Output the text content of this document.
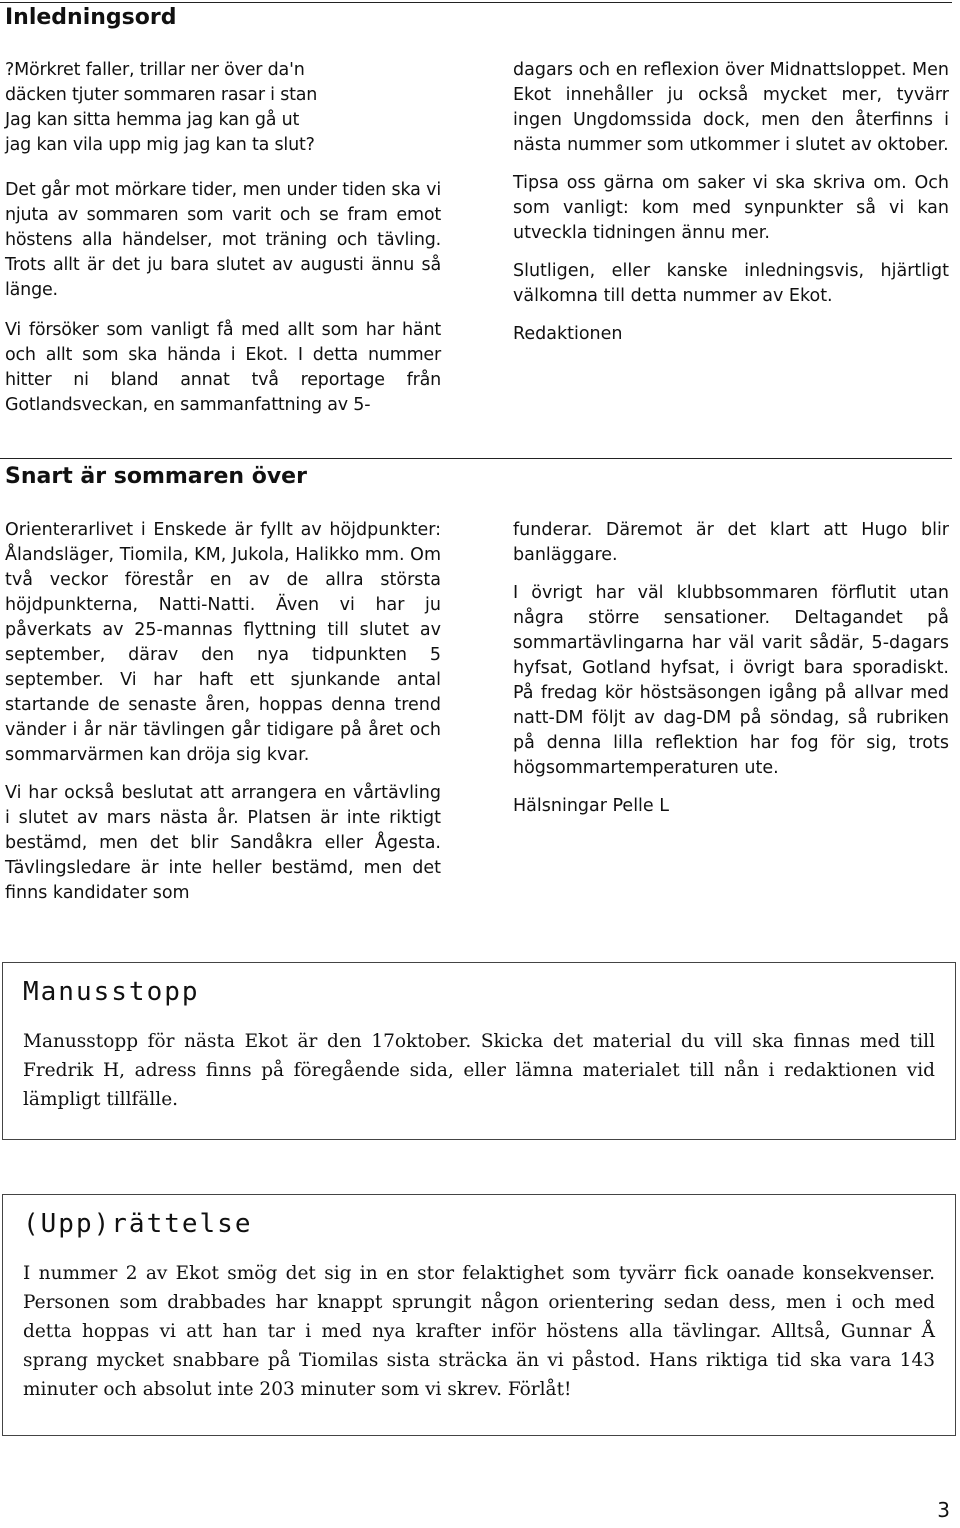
Inledningsord

?Mörkret faller, trillar ner över da'n
däcken tjuter sommaren rasar i stan
Jag kan sitta hemma jag kan gå ut
jag kan vila upp mig jag kan ta slut?

Det går mot mörkare tider, men under tiden ska vi njuta av sommaren som varit och se fram emot höstens alla händelser, mot träning och tävling. Trots allt är det ju bara slutet av augusti ännu så länge.

Vi försöker som vanligt få med allt som har hänt och allt som ska hända i Ekot. I detta nummer hitter ni bland annat två reportage från Gotlandsveckan, en sammanfattning av 5-

dagars och en reflexion över Midnattsloppet. Men Ekot innehåller ju också mycket mer, tyvärr ingen Ungdomssida dock, men den återfinns i nästa nummer som utkommer i slutet av oktober.

Tipsa oss gärna om saker vi ska skriva om. Och som vanligt: kom med synpunkter så vi kan utveckla tidningen ännu mer.

Slutligen, eller kanske inledningsvis, hjärtligt välkomna till detta nummer av Ekot.

Redaktionen

Snart är sommaren över

Orienterarlivet i Enskede är fyllt av höjdpunkter: Ålandsläger, Tiomila, KM, Jukola, Halikko mm. Om två veckor förestår en av de allra största höjdpunkterna, Natti-Natti. Även vi har ju påverkats av 25-mannas flyttning till slutet av september, därav den nya tidpunkten 5 september. Vi har haft ett sjunkande antal startande de senaste åren, hoppas denna trend vänder i år när tävlingen går tidigare på året och sommarvärmen kan dröja sig kvar.

Vi har också beslutat att arrangera en vårtävling i slutet av mars nästa år. Platsen är inte riktigt bestämd, men det blir Sandåkra eller Ågesta. Tävlingsledare är inte heller bestämd, men det finns kandidater som

funderar. Däremot är det klart att Hugo blir banläggare.

I övrigt har väl klubbsommaren förflutit utan några större sensationer. Deltagandet på sommartävlingarna har väl varit sådär, 5-dagars hyfsat, Gotland hyfsat, i övrigt bara sporadiskt. På fredag kör höstsäsongen igång på allvar med natt-DM följt av dag-DM på söndag, så rubriken på denna lilla reflektion har fog för sig, trots högsommartemperaturen ute.

Hälsningar Pelle L

Manusstopp

Manusstopp för nästa Ekot är den 17oktober. Skicka det material du vill ska finnas med till Fredrik H, adress finns på föregående sida, eller lämna materialet till nån i redaktionen vid lämpligt tillfälle.

(Upp)rättelse

I nummer 2 av Ekot smög det sig in en stor felaktighet som tyvärr fick oanade konsekvenser. Personen som drabbades har knappt sprungit någon orientering sedan dess, men i och med detta hoppas vi att han tar i med nya krafter inför höstens alla tävlingar. Alltså, Gunnar Å sprang mycket snabbare på Tiomilas sista sträcka än vi påstod. Hans riktiga tid ska vara 143 minuter och absolut inte 203 minuter som vi skrev. Förlåt!

3
